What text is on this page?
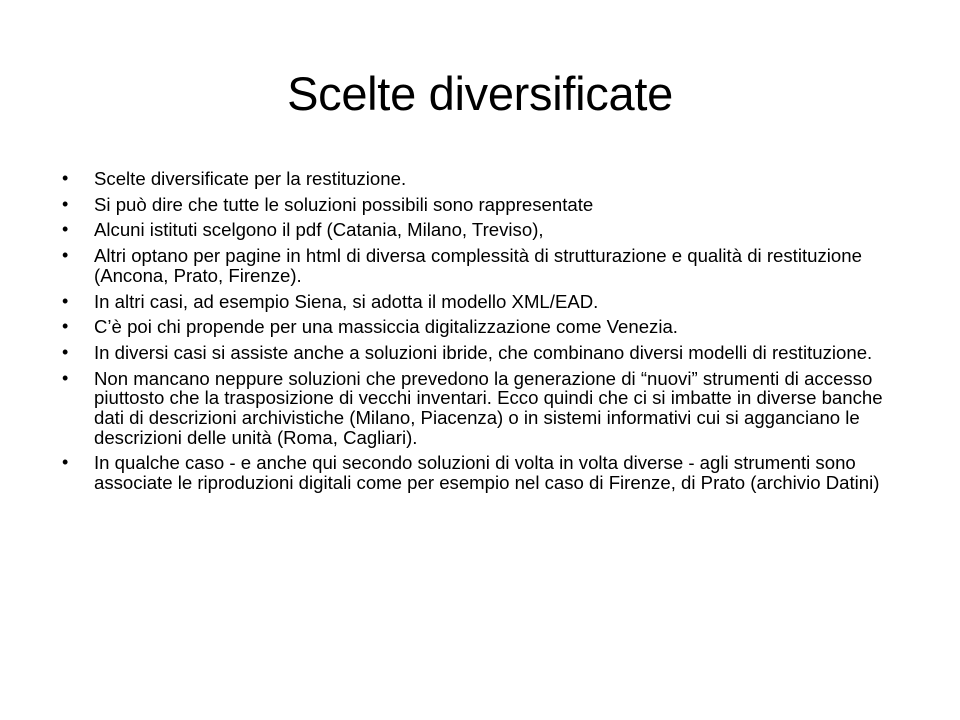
Scelte diversificate
• Scelte diversificate per la restituzione.
• Si può dire che tutte le soluzioni possibili sono rappresentate
• Alcuni istituti scelgono il pdf (Catania, Milano, Treviso),
• Altri optano per pagine in html di diversa complessità di strutturazione e qualità di restituzione (Ancona, Prato, Firenze).
• In altri casi, ad esempio Siena, si adotta il modello XML/EAD.
• C’è poi chi propende per una massiccia digitalizzazione come Venezia.
• In diversi casi si assiste anche a soluzioni ibride, che combinano diversi modelli di restituzione.
• Non mancano neppure soluzioni che prevedono la generazione di “nuovi” strumenti di accesso piuttosto che la trasposizione di vecchi inventari. Ecco quindi che ci si imbatte in diverse banche dati di descrizioni archivistiche (Milano, Piacenza) o in sistemi informativi cui si agganciano le descrizioni delle unità (Roma, Cagliari).
• In qualche caso - e anche qui secondo soluzioni di volta in volta diverse - agli strumenti sono associate le riproduzioni digitali come per esempio nel caso di Firenze, di Prato (archivio Datini)
